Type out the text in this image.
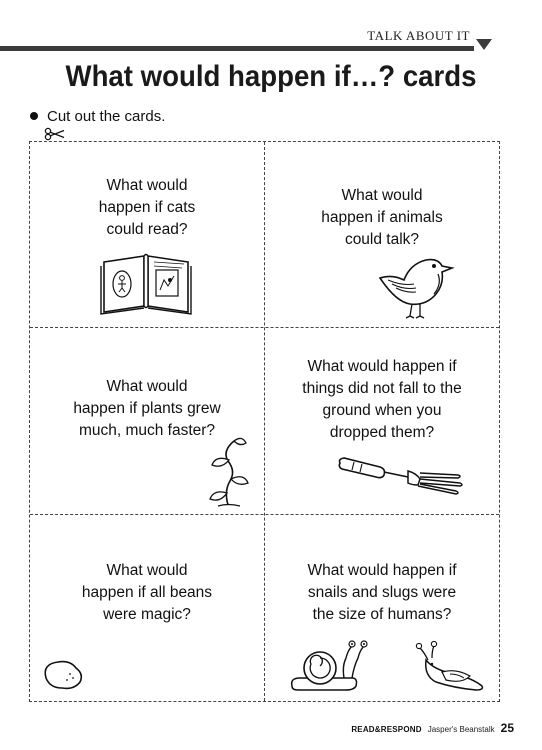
TALK ABOUT IT
What would happen if…? cards
Cut out the cards.
What would
happen if cats
could read?
What would
happen if animals
could talk?
What would
happen if plants grew
much, much faster?
What would happen if
things did not fall to the
ground when you
dropped them?
What would
happen if all beans
were magic?
What would happen if
snails and slugs were
the size of humans?
READ&RESPOND Jasper's Beanstalk 25
